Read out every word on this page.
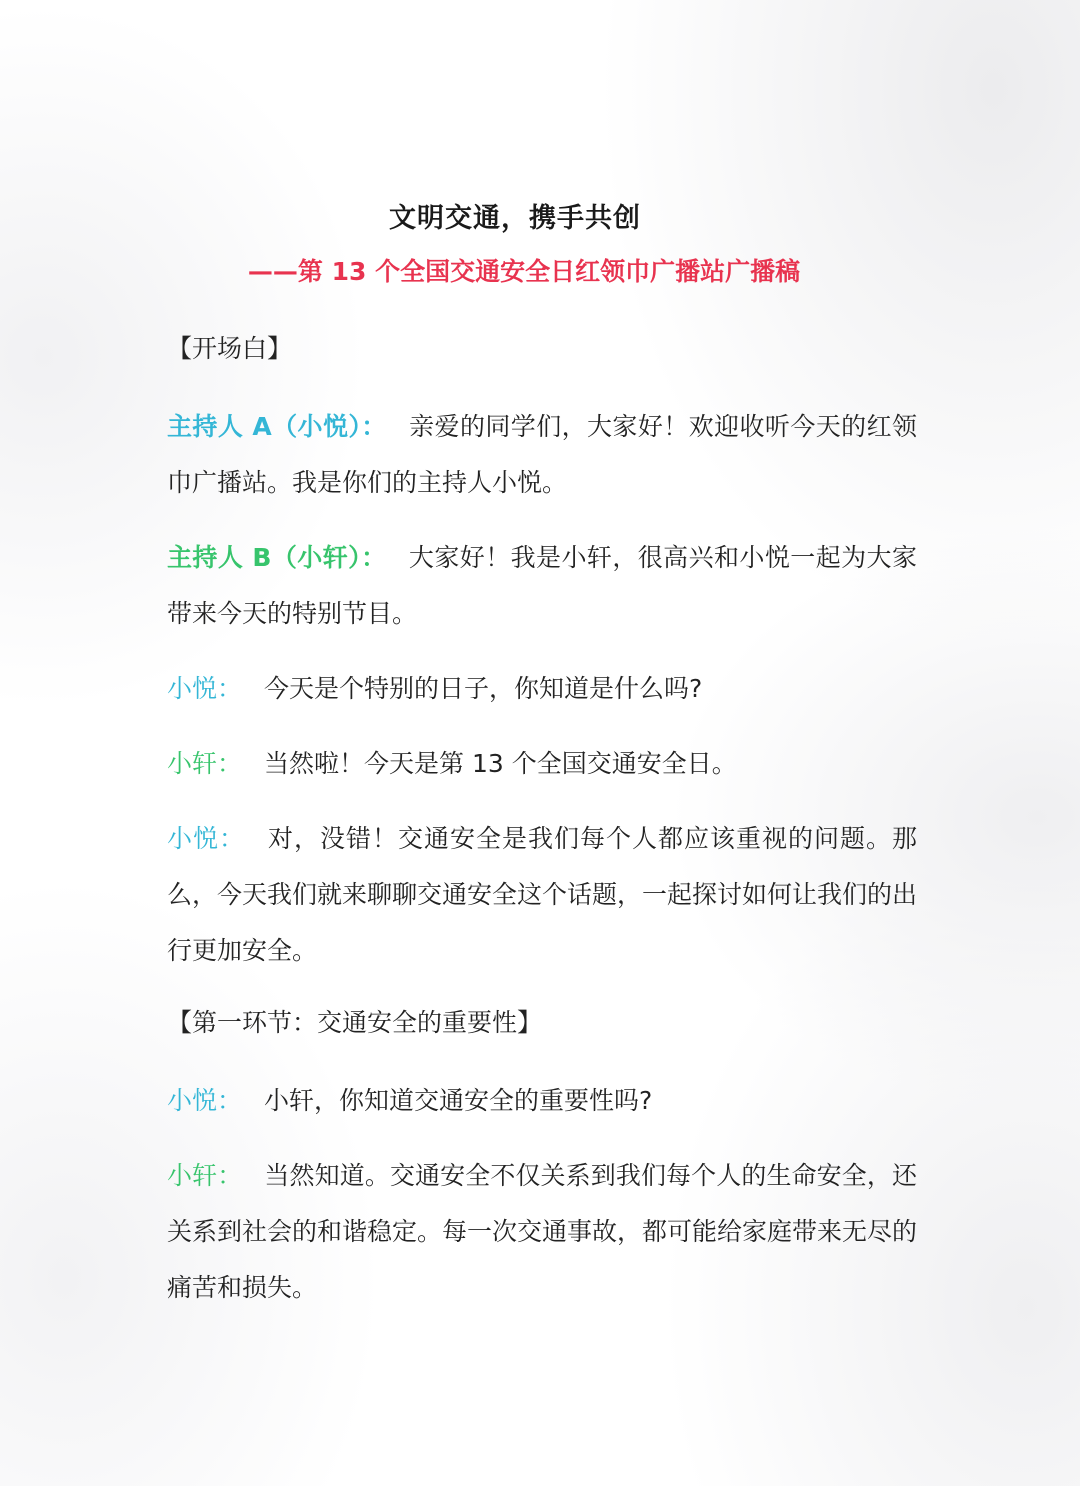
文明交通，携手共创
——第 13 个全国交通安全日红领巾广播站广播稿
【开场白】
主持人 A（小悦）： 亲爱的同学们，大家好！欢迎收听今天的红领巾广播站。我是你们的主持人小悦。
主持人 B（小轩）： 大家好！我是小轩，很高兴和小悦一起为大家带来今天的特别节目。
小悦： 今天是个特别的日子，你知道是什么吗?
小轩： 当然啦！今天是第 13 个全国交通安全日。
小悦： 对，没错！交通安全是我们每个人都应该重视的问题。那么，今天我们就来聊聊交通安全这个话题，一起探讨如何让我们的出行更加安全。
【第一环节：交通安全的重要性】
小悦： 小轩，你知道交通安全的重要性吗?
小轩： 当然知道。交通安全不仅关系到我们每个人的生命安全，还关系到社会的和谐稳定。每一次交通事故，都可能给家庭带来无尽的痛苦和损失。
